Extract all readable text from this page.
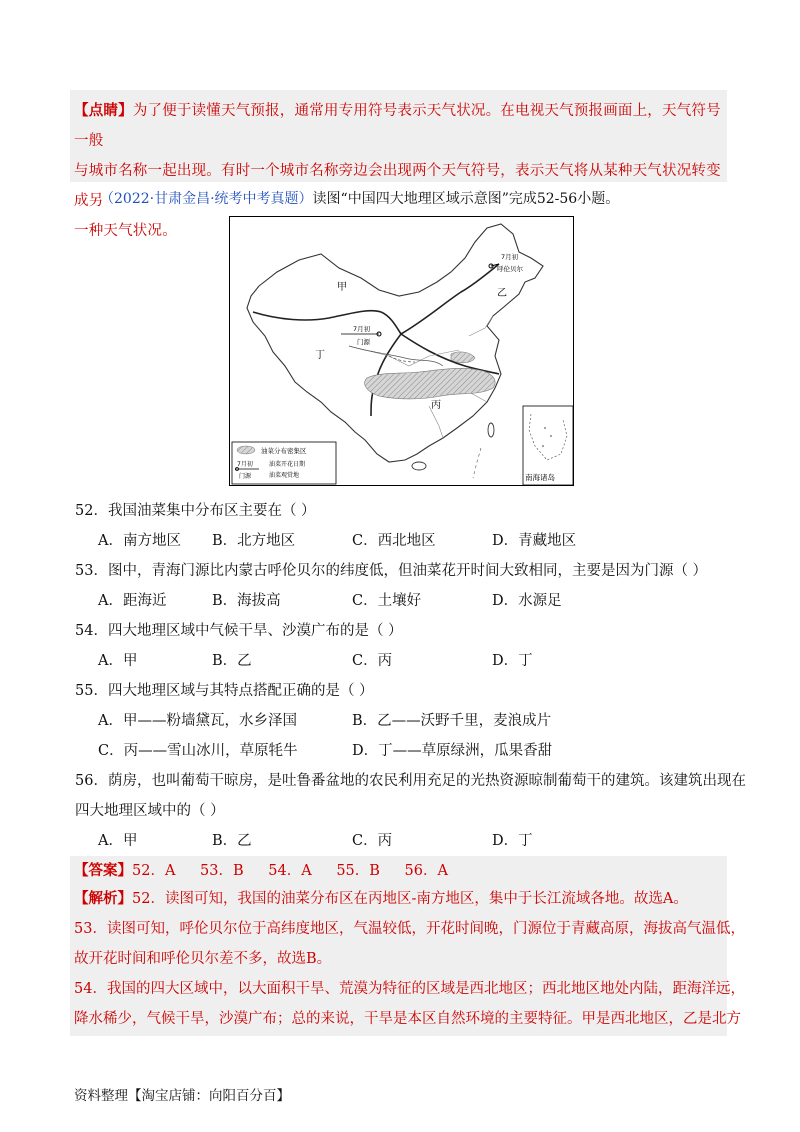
【点睛】为了便于读懂天气预报，通常用专用符号表示天气状况。在电视天气预报画面上，天气符号一般
与城市名称一起出现。有时一个城市名称旁边会出现两个天气符号，表示天气将从某种天气状况转变成另
一种天气状况。
（2022·甘肃金昌·统考中考真题）读图“中国四大地理区域示意图”完成52-56小题。
甲
乙
丙
丁
7月初
呼伦贝尔
7月初
门源
油菜分布密集区
7月初
门源
油菜开花日期
油菜观赏地	南海诸岛
52．我国油菜集中分布区主要在（ ）
A．南方地区 B．北方地区	C．西北地区	D．青藏地区
53．图中，青海门源比内蒙古呼伦贝尔的纬度低，但油菜花开时间大致相同，主要是因为门源（ ）
A．距海近	B．海拔高	C．土壤好	D．水源足
54．四大地理区域中气候干旱、沙漠广布的是（ ）
A．甲	B．乙	C．丙	D．丁
55．四大地理区域与其特点搭配正确的是（ ）
A．甲——粉墙黛瓦，水乡泽国	B．乙——沃野千里，麦浪成片
C．丙——雪山冰川，草原牦牛	D．丁——草原绿洲，瓜果香甜
56．荫房，也叫葡萄干晾房，是吐鲁番盆地的农民利用充足的光热资源晾制葡萄干的建筑。该建筑出现在
四大地理区域中的（ ）
A．甲	B．乙	C．丙	D．丁
【答案】52．A 53．B 54．A 55．B 56．A
【解析】52．读图可知，我国的油菜分布区在丙地区-南方地区，集中于长江流域各地。故选A。
53．读图可知，呼伦贝尔位于高纬度地区，气温较低，开花时间晚，门源位于青藏高原，海拔高气温低，
故开花时间和呼伦贝尔差不多，故选B。
54．我国的四大区域中，以大面积干旱、荒漠为特征的区域是西北地区；西北地区地处内陆，距海洋远，
降水稀少，气候干旱，沙漠广布；总的来说，干旱是本区自然环境的主要特征。甲是西北地区，乙是北方
资料整理【淘宝店铺：向阳百分百】
